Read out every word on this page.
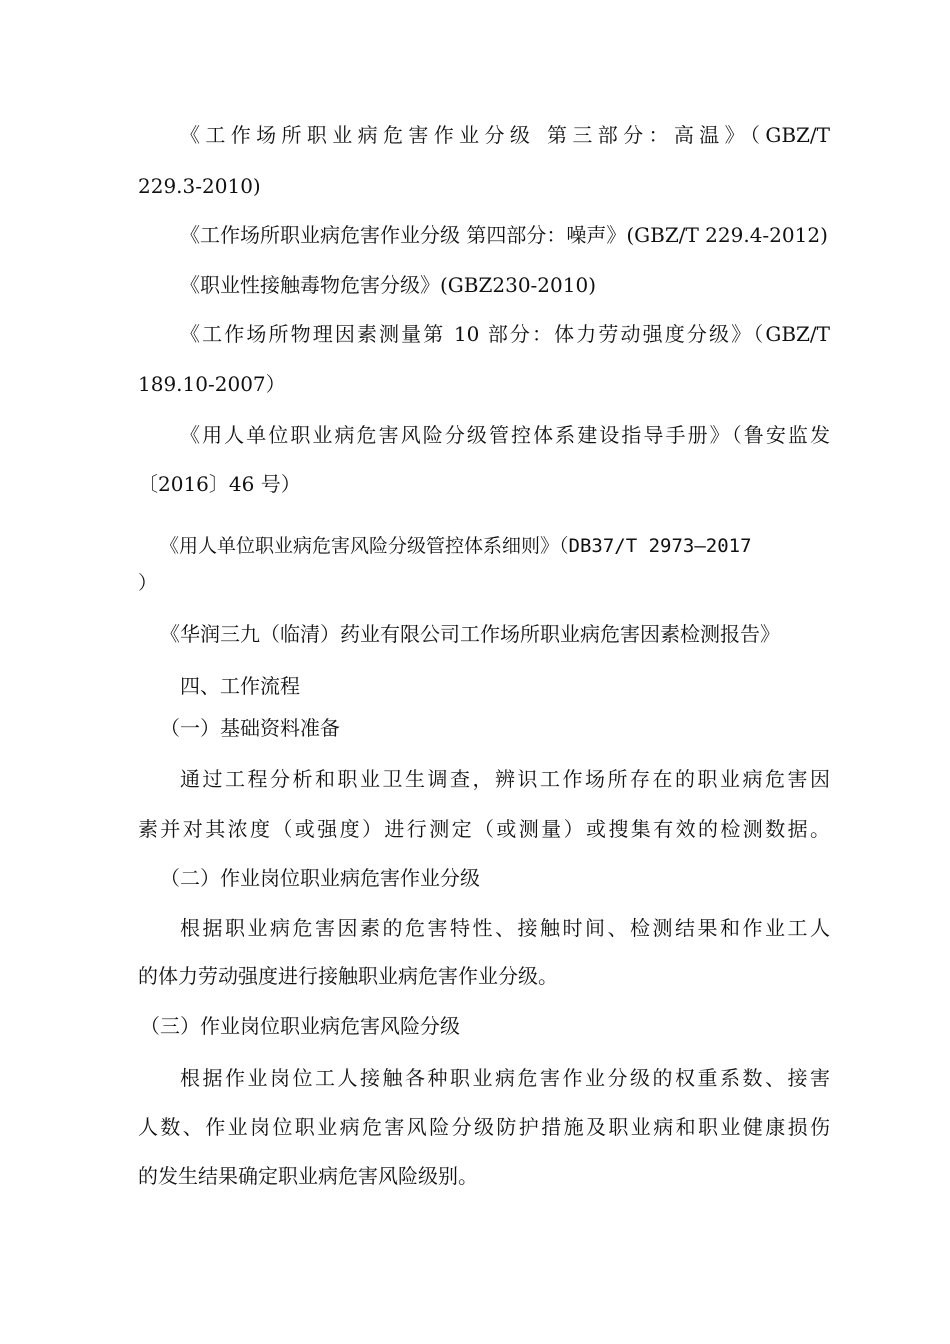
《工作场所职业病危害作业分级 第三部分：高温》（GBZ/T
229.3-2010)
《工作场所职业病危害作业分级 第四部分：噪声》(GBZ/T 229.4-2012)
《职业性接触毒物危害分级》(GBZ230-2010)
《工作场所物理因素测量第 10 部分：体力劳动强度分级》（GBZ/T
189.10-2007）
《用人单位职业病危害风险分级管控体系建设指导手册》（鲁安监发
〔2016〕46 号）
《用人单位职业病危害风险分级管控体系细则》（DB37/T 2973—2017
）
《华润三九（临清）药业有限公司工作场所职业病危害因素检测报告》
四、工作流程
（一）基础资料准备
通过工程分析和职业卫生调查，辨识工作场所存在的职业病危害因
素并对其浓度（或强度）进行测定（或测量）或搜集有效的检测数据。
（二）作业岗位职业病危害作业分级
根据职业病危害因素的危害特性、接触时间、检测结果和作业工人
的体力劳动强度进行接触职业病危害作业分级。
（三）作业岗位职业病危害风险分级
根据作业岗位工人接触各种职业病危害作业分级的权重系数、接害
人数、作业岗位职业病危害风险分级防护措施及职业病和职业健康损伤
的发生结果确定职业病危害风险级别。
